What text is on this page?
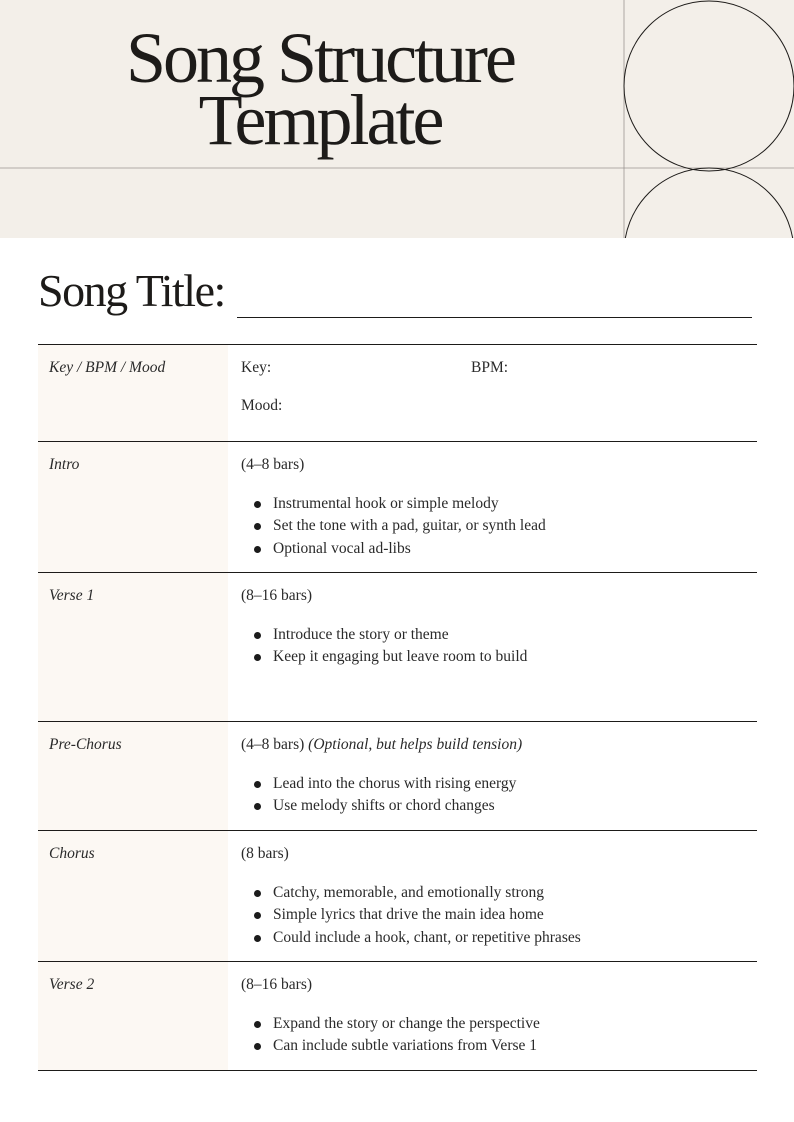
Song Structure
Template
Song Title:
Key / BPM / Mood	Key:	BPM:
Mood:
Intro	(4–8 bars)
Instrumental hook or simple melody
Set the tone with a pad, guitar, or synth lead
Optional vocal ad-libs
Verse 1	(8–16 bars)
Introduce the story or theme
Keep it engaging but leave room to build
Pre-Chorus	(4–8 bars) (Optional, but helps build tension)
Lead into the chorus with rising energy
Use melody shifts or chord changes
Chorus	(8 bars)
Catchy, memorable, and emotionally strong
Simple lyrics that drive the main idea home
Could include a hook, chant, or repetitive phrases
Verse 2	(8–16 bars)
Expand the story or change the perspective
Can include subtle variations from Verse 1
